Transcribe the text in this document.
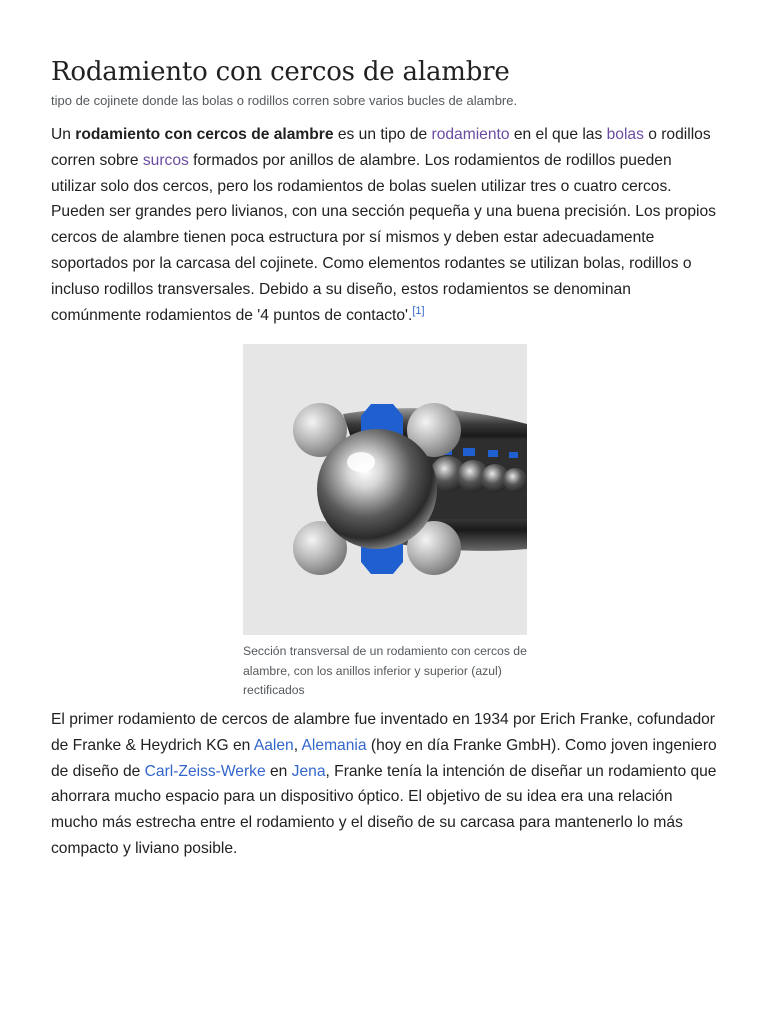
Rodamiento con cercos de alambre
tipo de cojinete donde las bolas o rodillos corren sobre varios bucles de alambre.
Un rodamiento con cercos de alambre es un tipo de rodamiento en el que las bolas o rodillos corren sobre surcos formados por anillos de alambre. Los rodamientos de rodillos pueden utilizar solo dos cercos, pero los rodamientos de bolas suelen utilizar tres o cuatro cercos. Pueden ser grandes pero livianos, con una sección pequeña y una buena precisión. Los propios cercos de alambre tienen poca estructura por sí mismos y deben estar adecuadamente soportados por la carcasa del cojinete. Como elementos rodantes se utilizan bolas, rodillos o incluso rodillos transversales. Debido a su diseño, estos rodamientos se denominan comúnmente rodamientos de '4 puntos de contacto'.[1]
Sección transversal de un rodamiento con cercos de alambre, con los anillos inferior y superior (azul) rectificados
El primer rodamiento de cercos de alambre fue inventado en 1934 por Erich Franke, cofundador de Franke & Heydrich KG en Aalen, Alemania (hoy en día Franke GmbH). Como joven ingeniero de diseño de Carl-Zeiss-Werke en Jena, Franke tenía la intención de diseñar un rodamiento que ahorrara mucho espacio para un dispositivo óptico. El objetivo de su idea era una relación mucho más estrecha entre el rodamiento y el diseño de su carcasa para mantenerlo lo más compacto y liviano posible.
